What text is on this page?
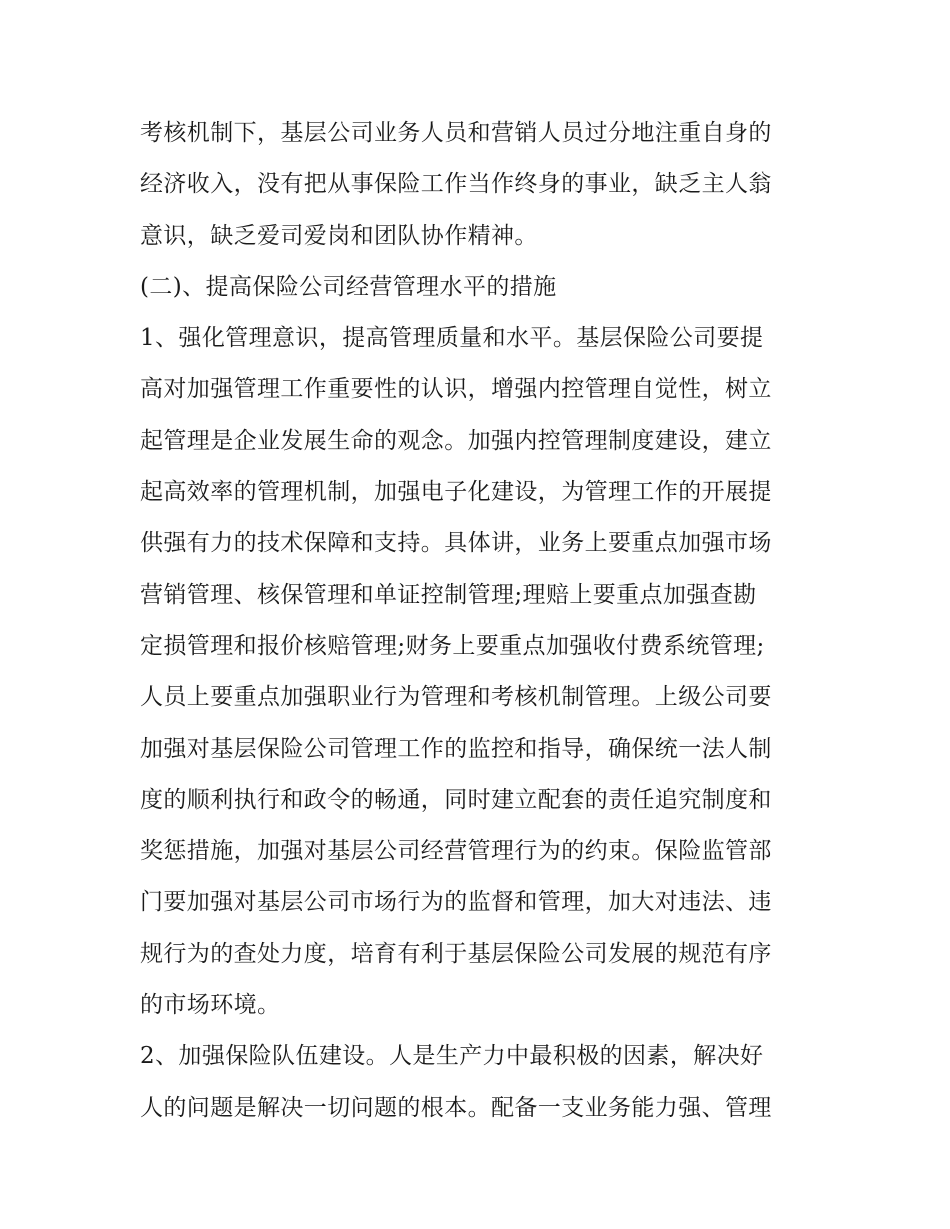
考核机制下，基层公司业务人员和营销人员过分地注重自身的
经济收入，没有把从事保险工作当作终身的事业，缺乏主人翁
意识，缺乏爱司爱岗和团队协作精神。
(二)、提高保险公司经营管理水平的措施
1、强化管理意识，提高管理质量和水平。基层保险公司要提
高对加强管理工作重要性的认识，增强内控管理自觉性，树立
起管理是企业发展生命的观念。加强内控管理制度建设，建立
起高效率的管理机制，加强电子化建设，为管理工作的开展提
供强有力的技术保障和支持。具体讲，业务上要重点加强市场
营销管理、核保管理和单证控制管理;理赔上要重点加强查勘
定损管理和报价核赔管理;财务上要重点加强收付费系统管理;
人员上要重点加强职业行为管理和考核机制管理。上级公司要
加强对基层保险公司管理工作的监控和指导，确保统一法人制
度的顺利执行和政令的畅通，同时建立配套的责任追究制度和
奖惩措施，加强对基层公司经营管理行为的约束。保险监管部
门要加强对基层公司市场行为的监督和管理，加大对违法、违
规行为的查处力度，培育有利于基层保险公司发展的规范有序
的市场环境。
2、加强保险队伍建设。人是生产力中最积极的因素，解决好
人的问题是解决一切问题的根本。配备一支业务能力强、管理
